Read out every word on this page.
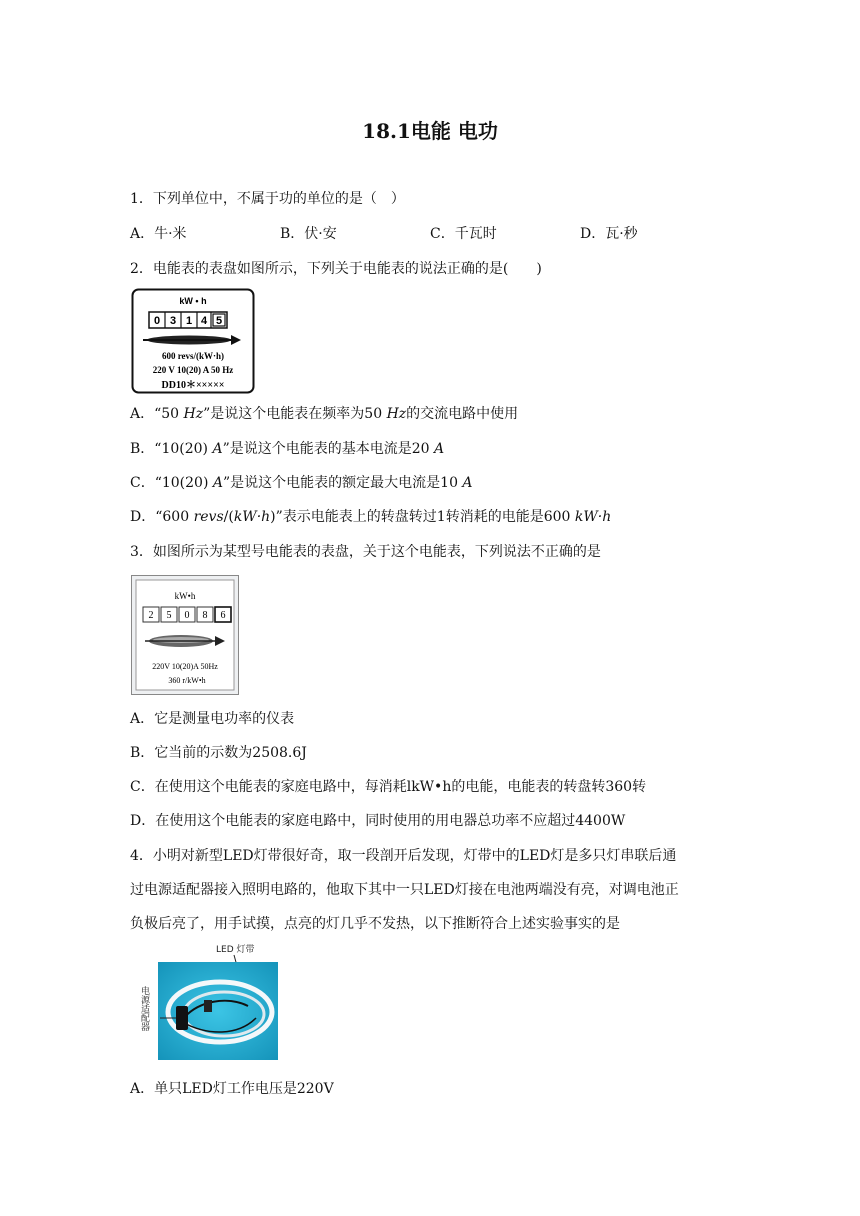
18.1电能 电功
1．下列单位中，不属于功的单位的是（　）
A．牛·米	B．伏·安	C．千瓦时	D．瓦·秒
2．电能表的表盘如图所示，下列关于电能表的说法正确的是(　　)
kW • h
0 3 1 4 5
600 revs/(kW·h)
220 V 10(20) A 50 Hz
DD10＊×××××
A．“50 Hz”是说这个电能表在频率为50 Hz的交流电路中使用
B．“10(20) A”是说这个电能表的基本电流是20 A
C．“10(20) A”是说这个电能表的额定最大电流是10 A
D．“600 revs/(kW·h)”表示电能表上的转盘转过1转消耗的电能是600 kW·h
3．如图所示为某型号电能表的表盘，关于这个电能表，下列说法不正确的是
kW•h
2 5 0 8 6
220V 10(20)A 50Hz
360 r/kW•h
A．它是测量电功率的仪表
B．它当前的示数为2508.6J
C．在使用这个电能表的家庭电路中，每消耗lkW•h的电能，电能表的转盘转360转
D．在使用这个电能表的家庭电路中，同时使用的用电器总功率不应超过4400W
4．小明对新型LED灯带很好奇，取一段剖开后发现，灯带中的LED灯是多只灯串联后通
过电源适配器接入照明电路的，他取下其中一只LED灯接在电池两端没有亮，对调电池正
负极后亮了，用手试摸，点亮的灯几乎不发热，以下推断符合上述实验事实的是
LED 灯带
电源适配器
A．单只LED灯工作电压是220V
